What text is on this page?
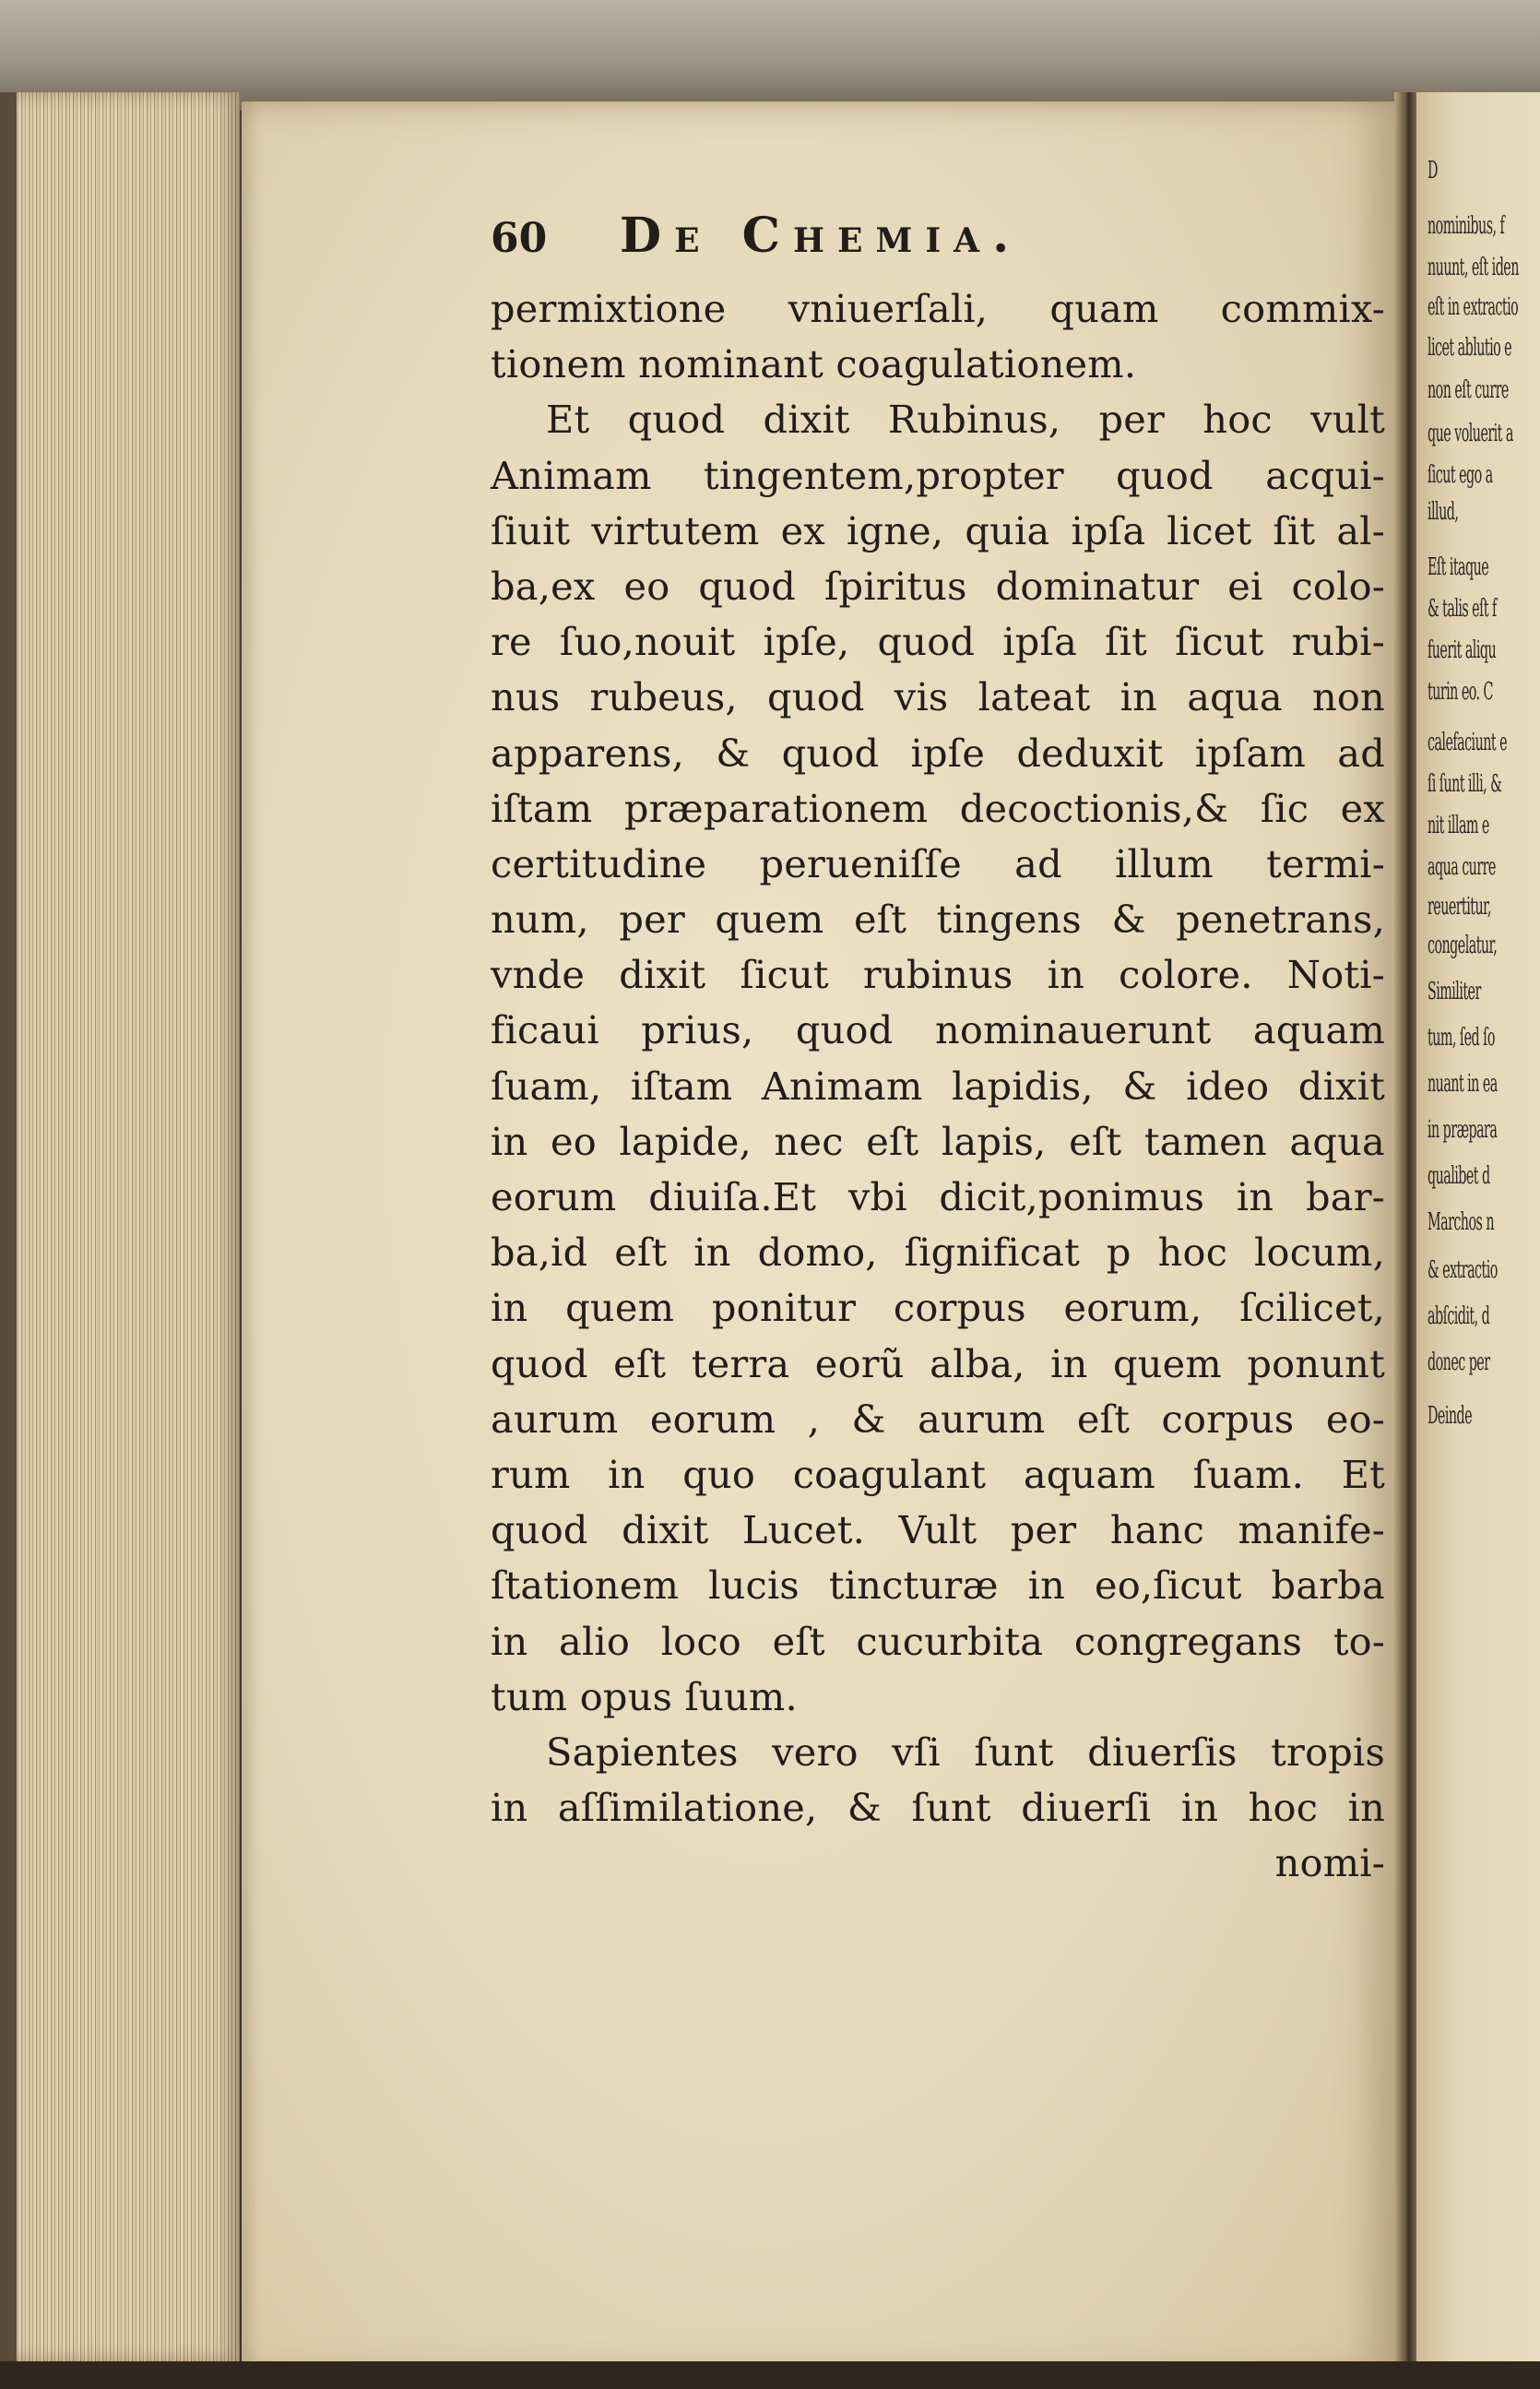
D
nominibus, f
nuunt, eſt iden
eſt in extractio
licet ablutio e
non eſt curre
que voluerit a
ſicut ego a
illud,
Eſt itaque
& talis eſt f
fuerit aliqu
turin eo. C
calefaciunt e
ſi ſunt illi, &
nit illam e
aqua curre
reuertitur,
congelatur,
Similiter
tum, ſed ſo
nuant in ea
in præpara
qualibet d
Marchos n
& extractio
abſcidit, d
donec per
Deinde
60	De Chemia.
permixtione vniuerſali, quam commix-
tionem nominant coagulationem.
Et quod dixit Rubinus, per hoc vult
Animam tingentem,propter quod acqui-
ſiuit virtutem ex igne, quia ipſa licet ſit al-
ba,ex eo quod ſpiritus dominatur ei colo-
re ſuo,nouit ipſe, quod ipſa ſit ſicut rubi-
nus rubeus, quod vis lateat in aqua non
apparens, & quod ipſe deduxit ipſam ad
iſtam præparationem decoctionis,& ſic ex
certitudine perueniſſe ad illum termi-
num, per quem eſt tingens & penetrans,
vnde dixit ſicut rubinus in colore. Noti-
ficaui prius, quod nominauerunt aquam
ſuam, iſtam Animam lapidis, & ideo dixit
in eo lapide, nec eſt lapis, eſt tamen aqua
eorum diuiſa.Et vbi dicit,ponimus in bar-
ba,id eſt in domo, ſignificat p hoc locum,
in quem ponitur corpus eorum, ſcilicet,
quod eſt terra eorũ alba, in quem ponunt
aurum eorum , & aurum eſt corpus eo-
rum in quo coagulant aquam ſuam. Et
quod dixit Lucet. Vult per hanc manife-
ſtationem lucis tincturæ in eo,ſicut barba
in alio loco eſt cucurbita congregans to-
tum opus ſuum.
Sapientes vero vſi ſunt diuerſis tropis
in aſſimilatione, & ſunt diuerſi in hoc in
nomi-
